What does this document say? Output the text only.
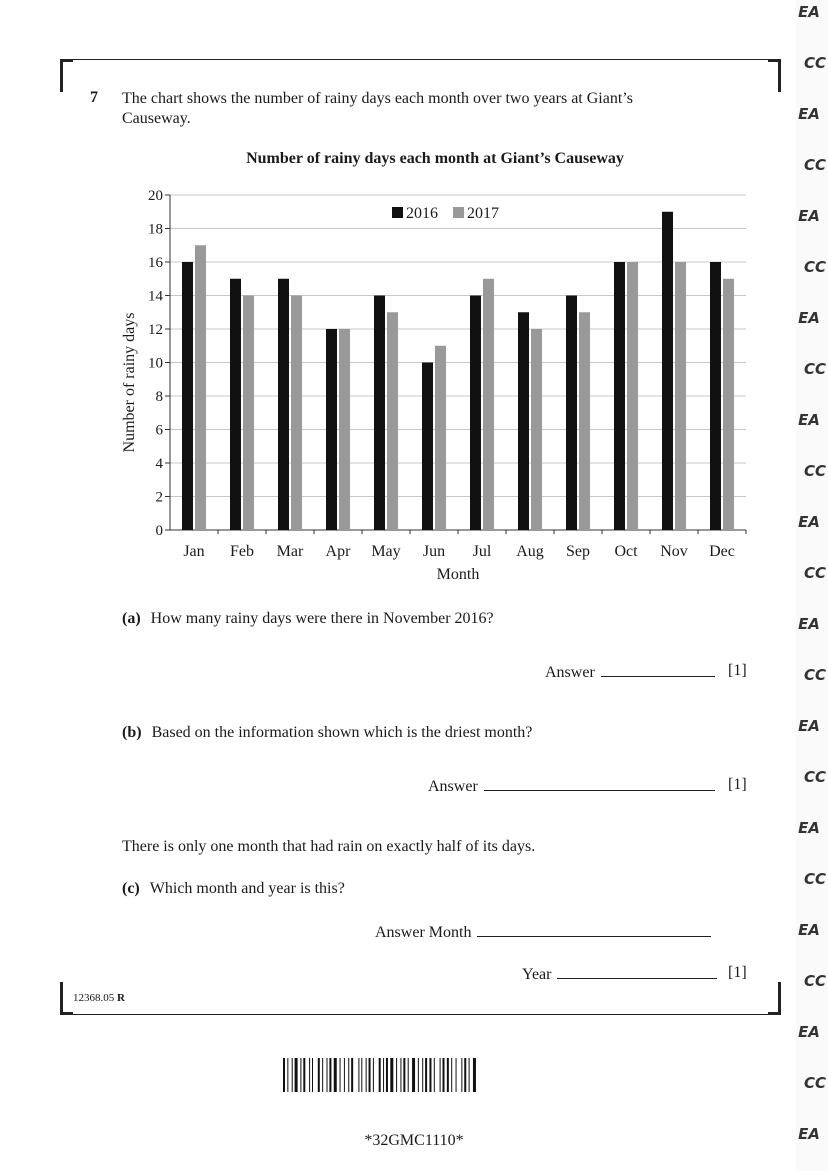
7 The chart shows the number of rainy days each month over two years at Giant’s Causeway.
Number of rainy days each month at Giant’s Causeway
0
2
4
6
8
10
12
14
16
18
20
Jan Feb Mar Apr May Jun Jul Aug Sep Oct Nov Dec
Month
Number of rainy days
2016 2017
(a) How many rainy days were there in November 2016?
Answer	[1]
(b) Based on the information shown which is the driest month?
Answer	[1]
There is only one month that had rain on exactly half of its days.
(c) Which month and year is this?
Answer Month
Year	[1]
12368.05 R
*32GMC1110*
EA
CC
EA
CC
EA
CC
EA
CC
EA
CC
EA
CC
EA
CC
EA
CC
EA
CC
EA
CC
EA
CC
EA
